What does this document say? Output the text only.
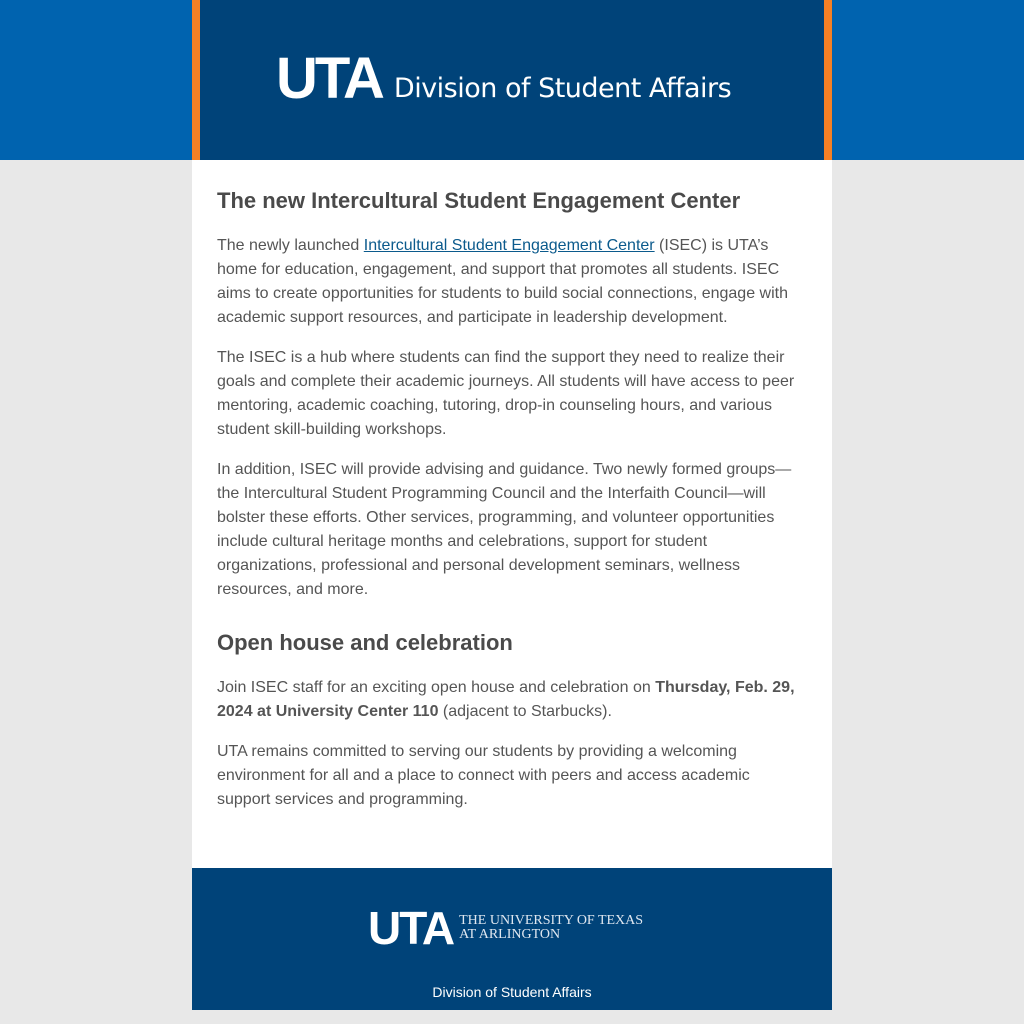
UTA Division of Student Affairs
The new Intercultural Student Engagement Center

The newly launched Intercultural Student Engagement Center (ISEC) is UTA’s home for education, engagement, and support that promotes all students. ISEC aims to create opportunities for students to build social connections, engage with academic support resources, and participate in leadership development.

The ISEC is a hub where students can find the support they need to realize their goals and complete their academic journeys. All students will have access to peer mentoring, academic coaching, tutoring, drop-in counseling hours, and various student skill-building workshops.

In addition, ISEC will provide advising and guidance. Two newly formed groups—the Intercultural Student Programming Council and the Interfaith Council—will bolster these efforts. Other services, programming, and volunteer opportunities include cultural heritage months and celebrations, support for student organizations, professional and personal development seminars, wellness resources, and more.

Open house and celebration

Join ISEC staff for an exciting open house and celebration on Thursday, Feb. 29, 2024 at University Center 110 (adjacent to Starbucks).

UTA remains committed to serving our students by providing a welcoming environment for all and a place to connect with peers and access academic support services and programming.

UTA THE UNIVERSITY OF TEXAS
AT ARLINGTON
Division of Student Affairs
